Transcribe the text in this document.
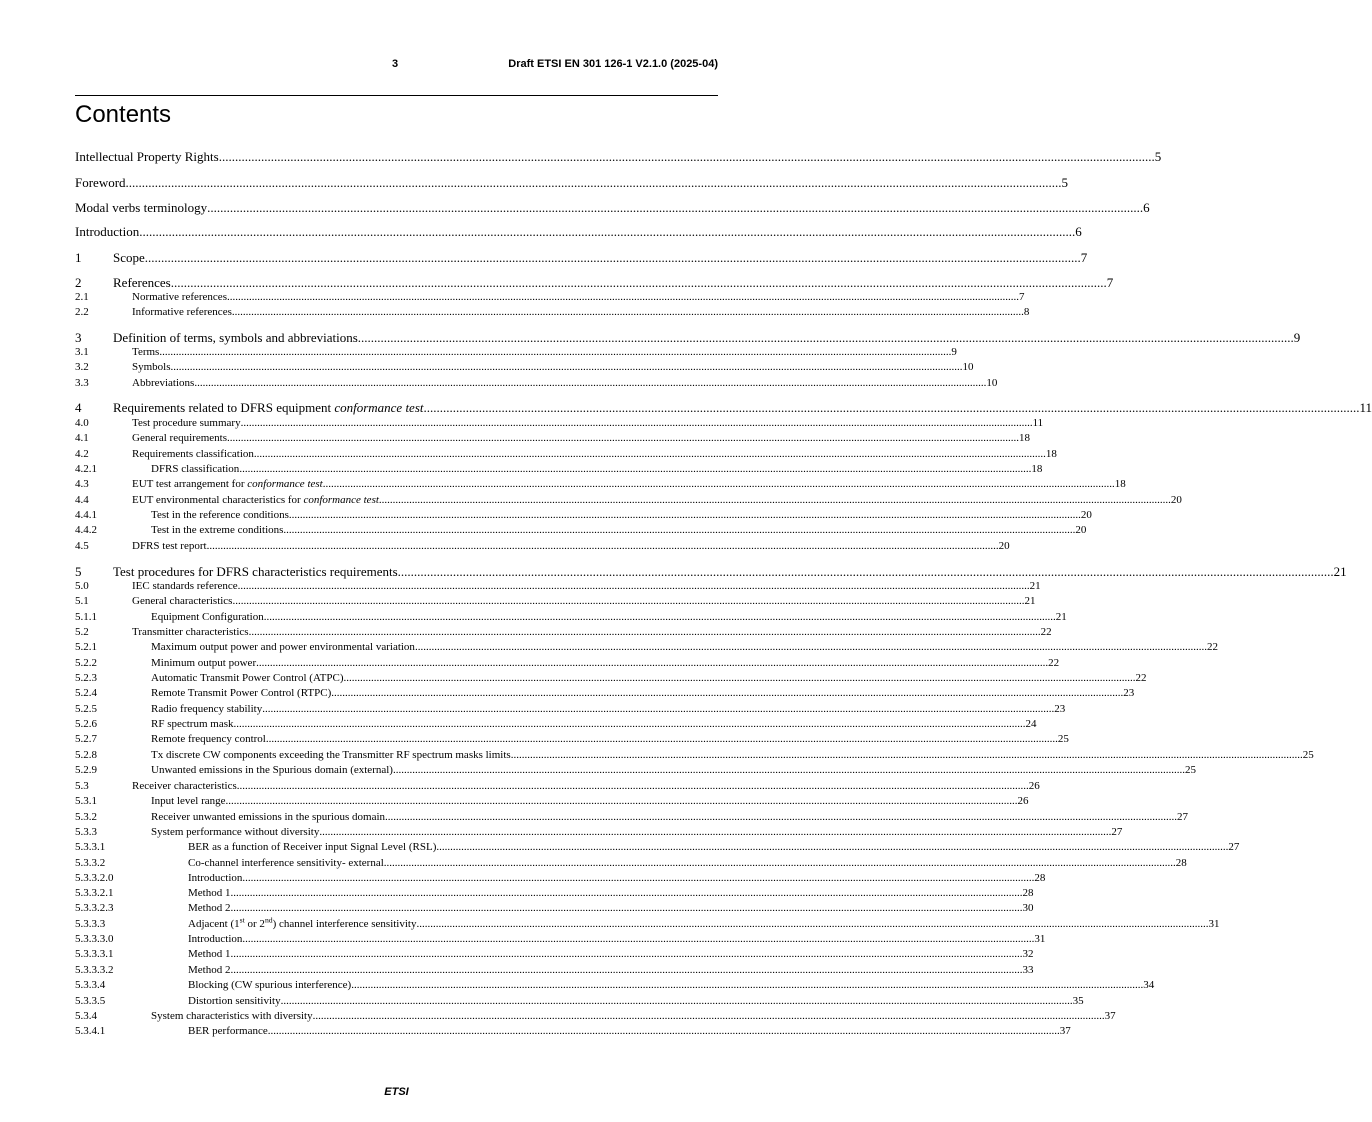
3	Draft ETSI EN 301 126-1 V2.1.0 (2025-04)
Contents
Intellectual Property Rights .....	5
Foreword .....	5
Modal verbs terminology .....	6
Introduction .....	6
1 Scope .....	7
2 References .....	7
2.1	Normative references .....	7
2.2	Informative references .....	8
3 Definition of terms, symbols and abbreviations .....	9
3.1	Terms .....	9
3.2	Symbols .....	10
3.3	Abbreviations .....	10
4 Requirements related to DFRS equipment conformance test .....	11
4.0	Test procedure summary .....	11
4.1	General requirements .....	18
4.2	Requirements classification .....	18
4.2.1	DFRS classification .....	18
4.3	EUT test arrangement for conformance test .....	18
4.4	EUT environmental characteristics for conformance test .....	20
4.4.1	Test in the reference conditions .....	20
4.4.2	Test in the extreme conditions .....	20
4.5	DFRS test report .....	20
5 Test procedures for DFRS characteristics requirements .....	21
5.0	IEC standards reference .....	21
5.1	General characteristics .....	21
5.1.1	Equipment Configuration .....	21
5.2	Transmitter characteristics .....	22
5.2.1	Maximum output power and power environmental variation .....	22
5.2.2	Minimum output power .....	22
5.2.3	Automatic Transmit Power Control (ATPC) .....	22
5.2.4	Remote Transmit Power Control (RTPC) .....	23
5.2.5	Radio frequency stability .....	23
5.2.6	RF spectrum mask .....	24
5.2.7	Remote frequency control .....	25
5.2.8	Tx discrete CW components exceeding the Transmitter RF spectrum masks limits .....	25
5.2.9	Unwanted emissions in the Spurious domain (external) .....	25
5.3	Receiver characteristics .....	26
5.3.1	Input level range .....	26
5.3.2	Receiver unwanted emissions in the spurious domain .....	27
5.3.3	System performance without diversity .....	27
5.3.3.1	BER as a function of Receiver input Signal Level (RSL) .....	27
5.3.3.2	Co-channel interference sensitivity- external .....	28
5.3.3.2.0	Introduction .....	28
5.3.3.2.1	Method 1 .....	28
5.3.3.2.3	Method 2 .....	30
5.3.3.3	Adjacent (1st or 2nd) channel interference sensitivity .....	31
5.3.3.3.0	Introduction .....	31
5.3.3.3.1	Method 1 .....	32
5.3.3.3.2	Method 2 .....	33
5.3.3.4	Blocking (CW spurious interference) .....	34
5.3.3.5	Distortion sensitivity .....	35
5.3.4	System characteristics with diversity .....	37
5.3.4.1	BER performance .....	37
ETSI
